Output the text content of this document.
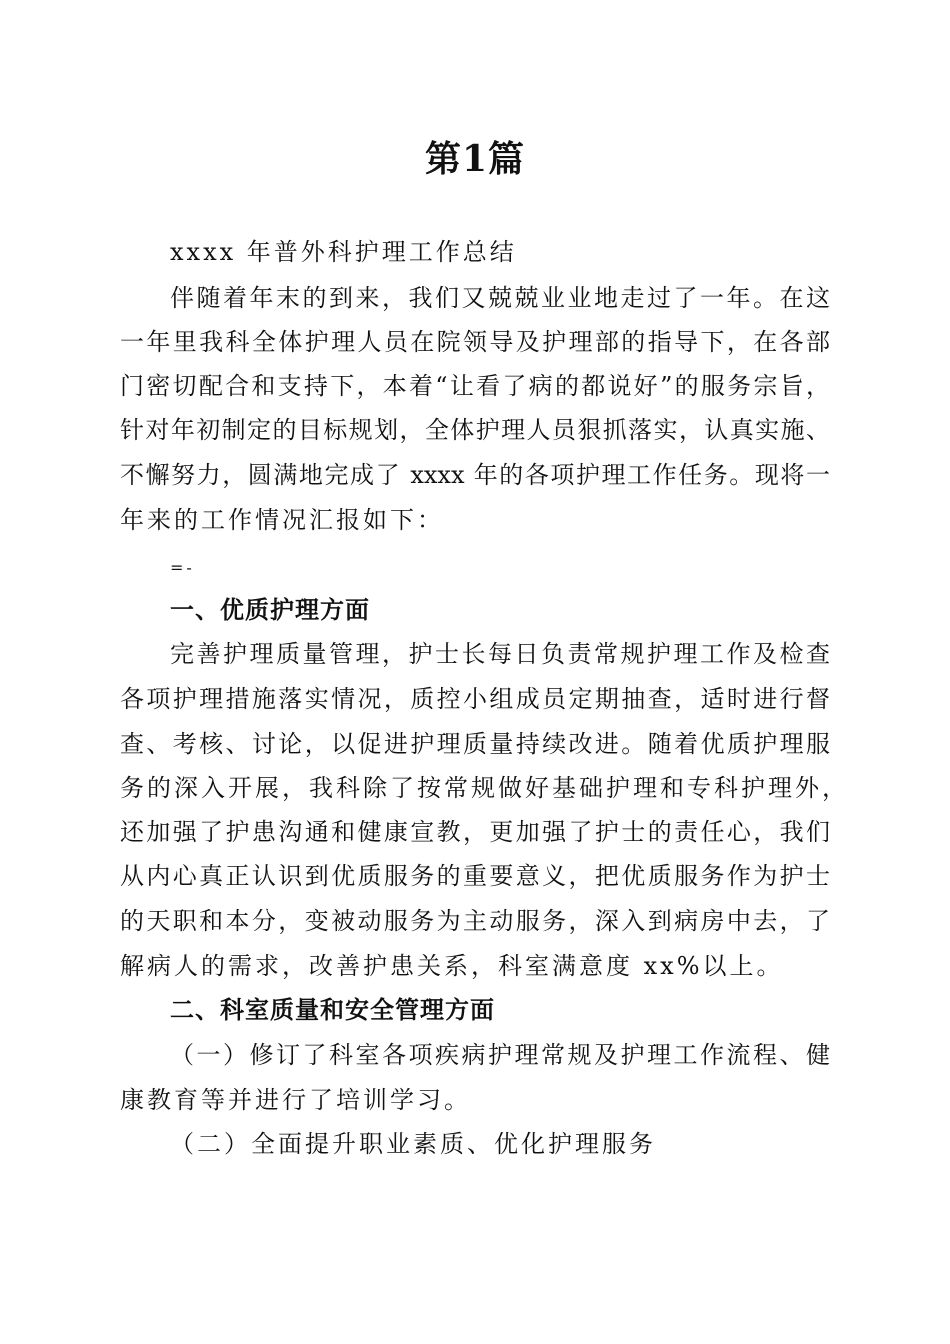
第1篇
xxxx 年普外科护理工作总结
伴随着年末的到来，我们又兢兢业业地走过了一年。在这
一年里我科全体护理人员在院领导及护理部的指导下，在各部
门密切配合和支持下，本着“让看了病的都说好”的服务宗旨，
针对年初制定的目标规划，全体护理人员狠抓落实，认真实施、
不懈努力，圆满地完成了 xxxx 年的各项护理工作任务。现将一
年来的工作情况汇报如下：
=-
一、优质护理方面
完善护理质量管理，护士长每日负责常规护理工作及检查
各项护理措施落实情况，质控小组成员定期抽查，适时进行督
查、考核、讨论，以促进护理质量持续改进。随着优质护理服
务的深入开展，我科除了按常规做好基础护理和专科护理外，
还加强了护患沟通和健康宣教，更加强了护士的责任心，我们
从内心真正认识到优质服务的重要意义，把优质服务作为护士
的天职和本分，变被动服务为主动服务，深入到病房中去，了
解病人的需求，改善护患关系，科室满意度 xx%以上。
二、科室质量和安全管理方面
（一）修订了科室各项疾病护理常规及护理工作流程、健
康教育等并进行了培训学习。
（二）全面提升职业素质、优化护理服务
